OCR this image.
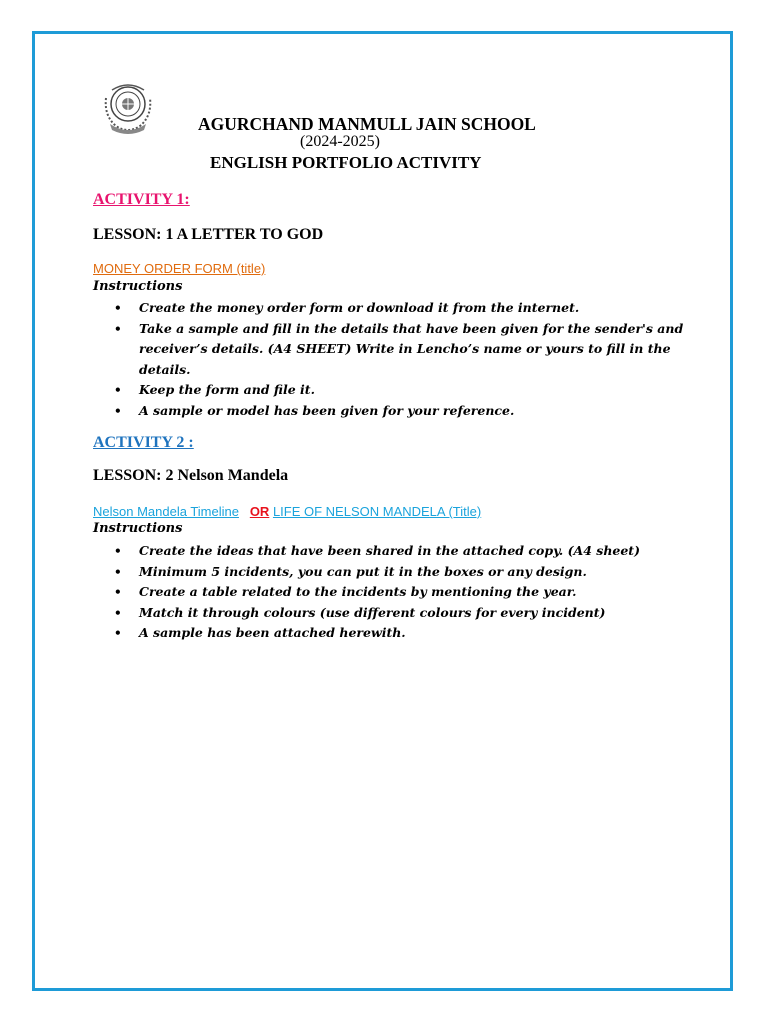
AGURCHAND MANMULL JAIN SCHOOL
(2024-2025)
ENGLISH PORTFOLIO ACTIVITY
ACTIVITY 1:
LESSON: 1 A LETTER TO GOD
MONEY ORDER FORM (title)
Instructions
• Create the money order form or download it from the internet.
• Take a sample and fill in the details that have been given for the sender's and receiver’s details. (A4 SHEET) Write in Lencho’s name or yours to fill in the details.
• Keep the form and file it.
• A sample or model has been given for your reference.
ACTIVITY 2 :
LESSON: 2 Nelson Mandela
Nelson Mandela Timeline OR LIFE OF NELSON MANDELA (Title)
Instructions
• Create the ideas that have been shared in the attached copy. (A4 sheet)
• Minimum 5 incidents, you can put it in the boxes or any design.
• Create a table related to the incidents by mentioning the year.
• Match it through colours (use different colours for every incident)
• A sample has been attached herewith.
